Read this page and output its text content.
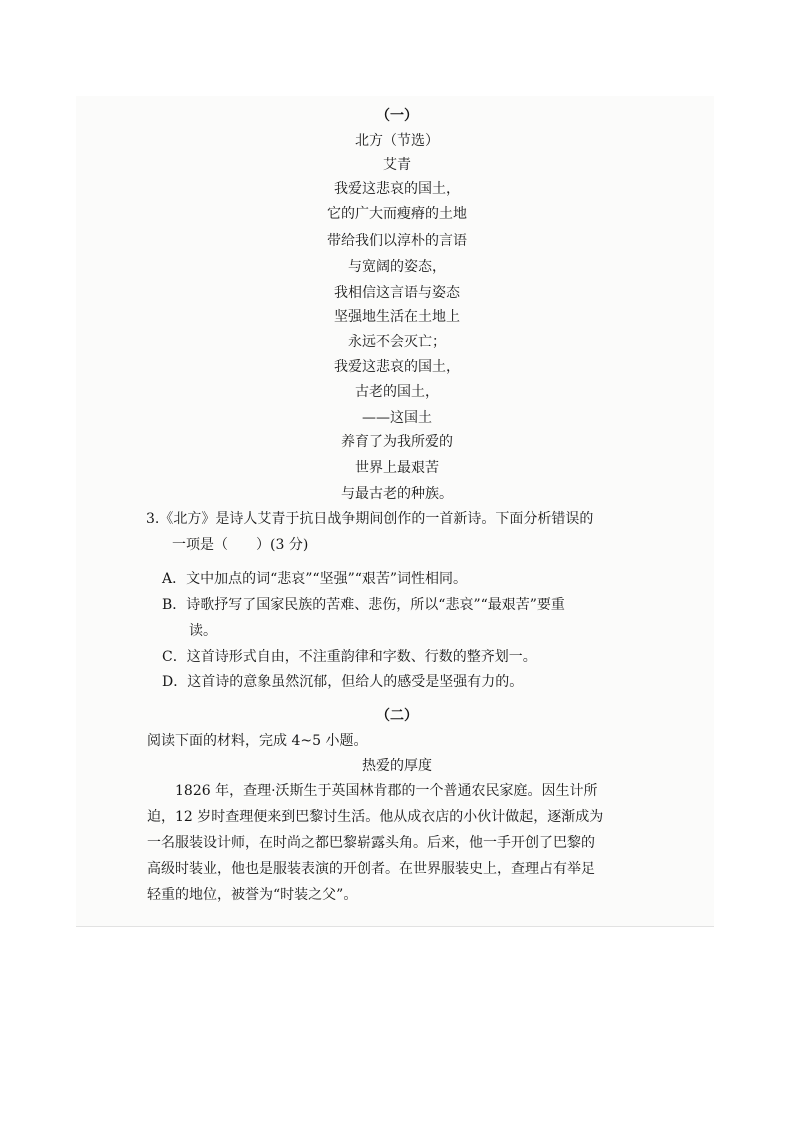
（一）
北方（节选）
艾青
我爱这悲哀的国土，
它的广大而瘦瘠的土地
带给我们以淳朴的言语
与宽阔的姿态，
我相信这言语与姿态
坚强地生活在土地上
永远不会灭亡；
我爱这悲哀的国土，
古老的国土，
——这国土
养育了为我所爱的
世界上最艰苦
与最古老的种族。
3.《北方》是诗人艾青于抗日战争期间创作的一首新诗。下面分析错误的
一项是（　　）(3 分)
A．文中加点的词“悲哀”“坚强”“艰苦”词性相同。
B．诗歌抒写了国家民族的苦难、悲伤，所以“悲哀”“最艰苦”要重
读。
C．这首诗形式自由，不注重韵律和字数、行数的整齐划一。
D．这首诗的意象虽然沉郁，但给人的感受是坚强有力的。
（二）
阅读下面的材料，完成 4~5 小题。
热爱的厚度
1826 年，查理·沃斯生于英国林肯郡的一个普通农民家庭。因生计所
迫，12 岁时查理便来到巴黎讨生活。他从成衣店的小伙计做起，逐渐成为
一名服装设计师，在时尚之都巴黎崭露头角。后来，他一手开创了巴黎的
高级时装业，他也是服装表演的开创者。在世界服装史上，查理占有举足
轻重的地位，被誉为“时装之父”。
